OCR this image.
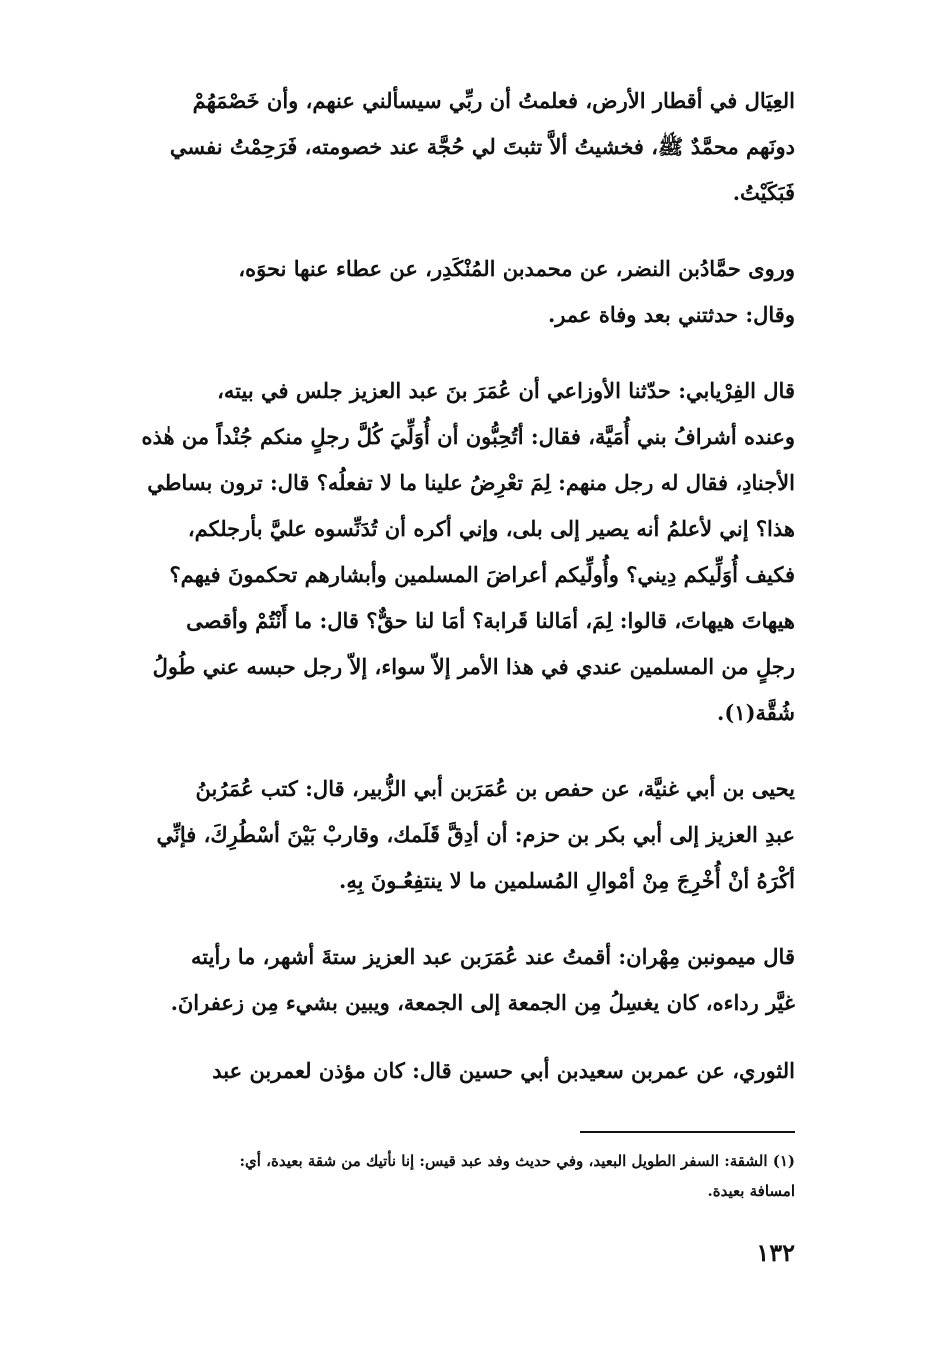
العِيَال في أقطار الأرض، فعلمتُ أن ربِّي سيسألني عنهم، وأن خَصْمَهُمْ
دونَهم محمَّدٌ ﷺ، فخشيتُ ألاَّ تثبتَ لي حُجَّة عند خصومته، فَرَحِمْتُ نفسي
فَبَكَيْتُ.
وروى حمَّادُبن النضر، عن محمدبن المُنْكَدِر، عن عطاء عنها نحوَه،
وقال: حدثتني بعد وفاة عمر.
قال الفِرْيابي: حدّثنا الأوزاعي أن عُمَرَ بنَ عبد العزيز جلس في بيته،
وعنده أشرافُ بني أُمَيَّة، فقال: أتُحِبُّون أن أُوَلِّيَ كُلَّ رجلٍ منكم جُنْداً من هٰذه
الأجنادِ، فقال له رجل منهم: لِمَ تعْرِضُ علينا ما لا تفعلُه؟ قال: ترون بساطي
هذا؟ إني لأعلمُ أنه يصير إلى بلى، وإني أكره أن تُدَنِّسوه عليَّ بأرجلكم،
فكيف أُوَلِّيكم دِيني؟ وأُولِّيكم أعراضَ المسلمين وأبشارهم تحكمونَ فيهم؟
هيهاتَ هيهاتَ، قالوا: لِمَ، أمَالنا قَرابة؟ أمَا لنا حقٌّ؟ قال: ما أَنْتُمْ وأقصى
رجلٍ من المسلمين عندي في هذا الأمر إلاّ سواء، إلاّ رجل حبسه عني طُولُ
شُقَّة(١).
يحيى بن أبي غنيَّة، عن حفص بن عُمَرَبن أبي الزُّبير، قال: كتب عُمَرُبنُ
عبدِ العزيز إلى أبي بكر بن حزم: أن أدِقَّ قَلَمك، وقاربْ بَيْنَ أسْطُرِكَ، فإنِّي
أكْرَهُ أنْ أُخْرِجَ مِنْ أمْوالِ المُسلمين ما لا ينتفِعُـونَ بِهِ.
قال ميمونبن مِهْران: أقمتُ عند عُمَرَبن عبد العزيز ستةَ أشهر، ما رأيته
غيَّر رداءه، كان يغسِلُ مِن الجمعة إلى الجمعة، ويبين بشيء مِن زعفرانَ.
الثوري، عن عمربن سعيدبن أبي حسين قال: كان مؤذن لعمربن عبد
(١) الشقة: السفر الطويل البعيد، وفي حديث وفد عبد قيس: إنا نأتيك من شقة بعيدة، أي:
امسافة بعيدة.
١٣٢
